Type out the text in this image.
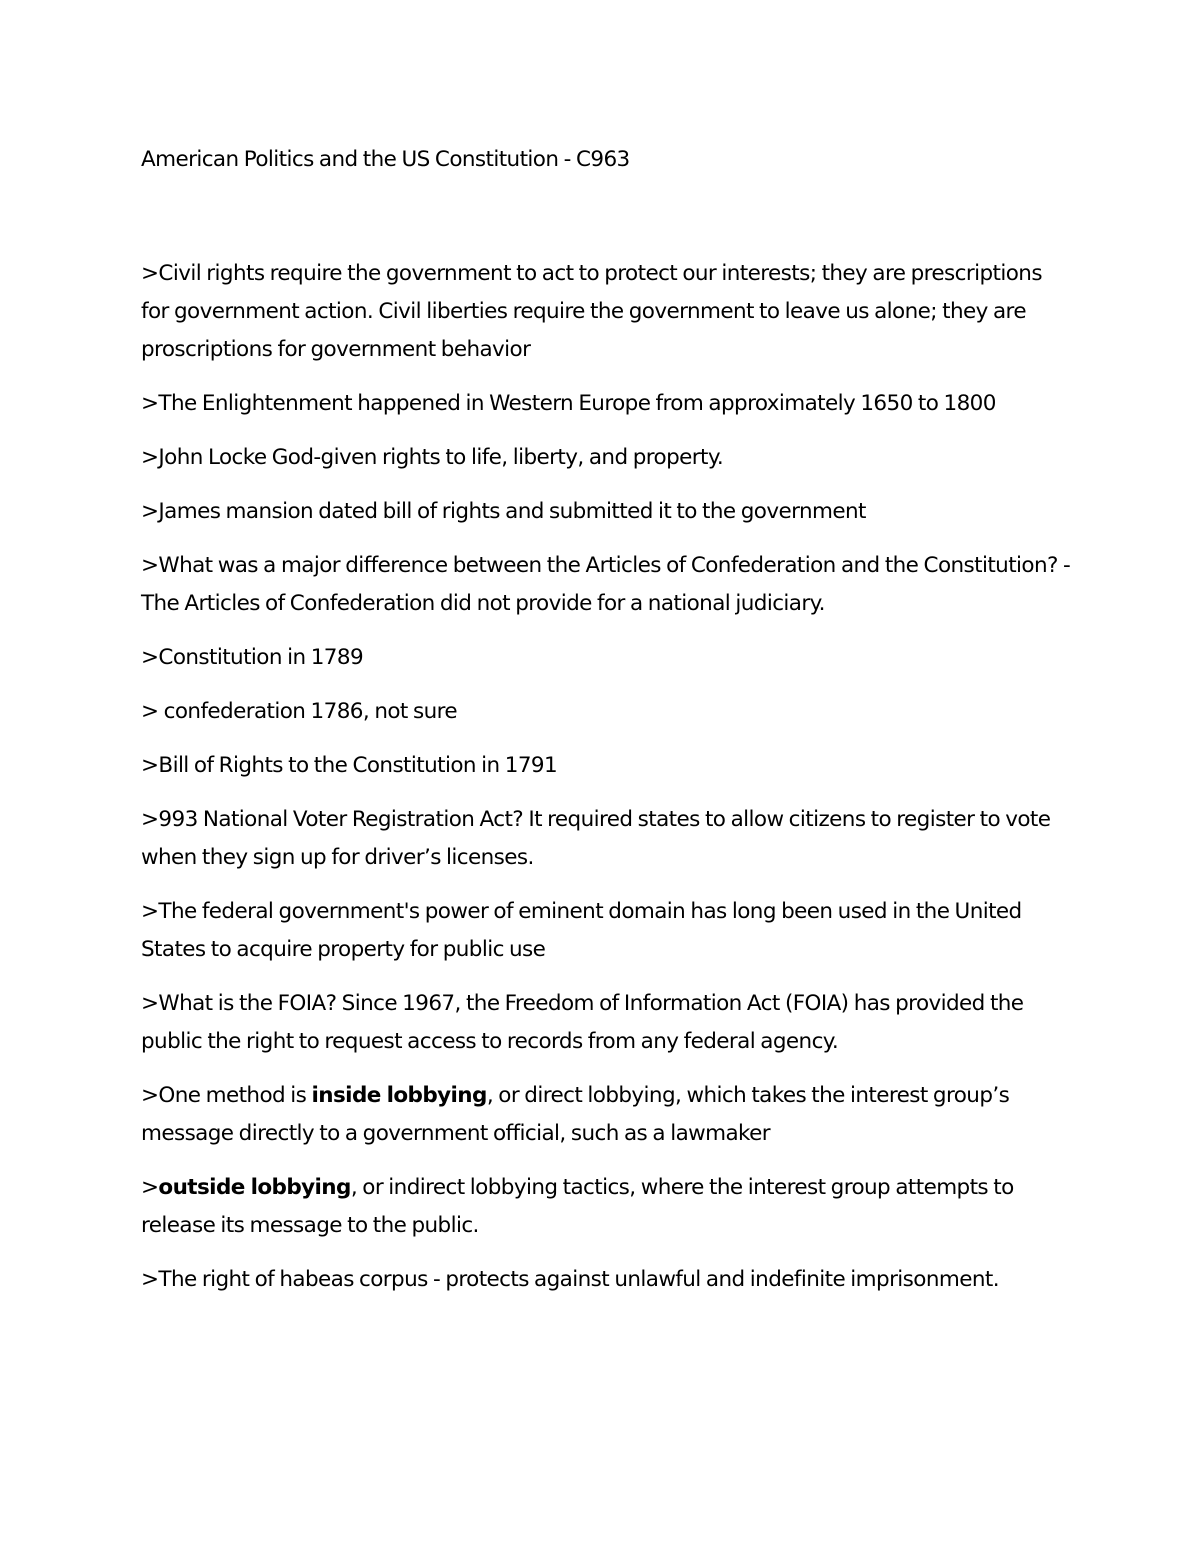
American Politics and the US Constitution - C963

>Civil rights require the government to act to protect our interests; they are prescriptions for government action. Civil liberties require the government to leave us alone; they are proscriptions for government behavior

>The Enlightenment happened in Western Europe from approximately 1650 to 1800

>John Locke God-given rights to life, liberty, and property.

>James mansion dated bill of rights and submitted it to the government

>What was a major difference between the Articles of Confederation and the Constitution? - The Articles of Confederation did not provide for a national judiciary.

>Constitution in 1789

> confederation 1786, not sure

>Bill of Rights to the Constitution in 1791

>993 National Voter Registration Act? It required states to allow citizens to register to vote when they sign up for driver’s licenses.

>The federal government's power of eminent domain has long been used in the United States to acquire property for public use

>What is the FOIA? Since 1967, the Freedom of Information Act (FOIA) has provided the public the right to request access to records from any federal agency.

>One method is inside lobbying, or direct lobbying, which takes the interest group’s message directly to a government official, such as a lawmaker

>outside lobbying, or indirect lobbying tactics, where the interest group attempts to release its message to the public.

>The right of habeas corpus - protects against unlawful and indefinite imprisonment.
